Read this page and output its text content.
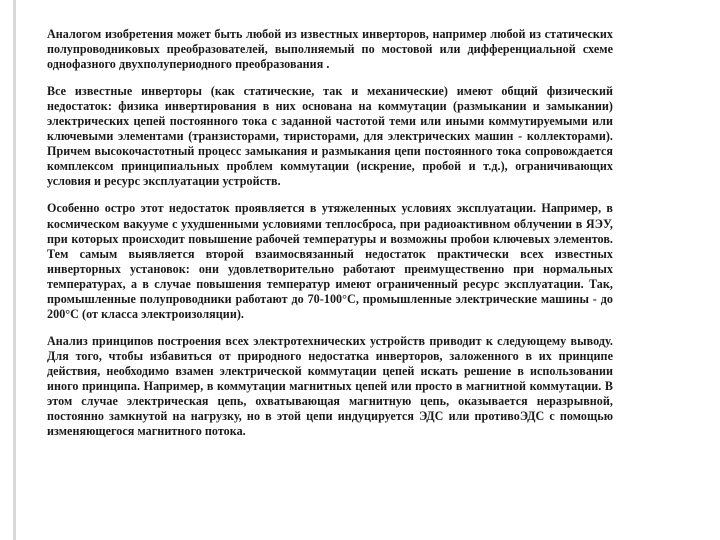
Аналогом изобретения может быть любой из известных инверторов, например любой из статических полупроводниковых преобразователей, выполняемый по мостовой или дифференциальной схеме однофазного двухполупериодного преобразования .

Все известные инверторы (как статические, так и механические) имеют общий физический недостаток: физика инвертирования в них основана на коммутации (размыкании и замыкании) электрических цепей постоянного тока с заданной частотой теми или иными коммутируемыми или ключевыми элементами (транзисторами, тиристорами, для электрических машин - коллекторами). Причем высокочастотный процесс замыкания и размыкания цепи постоянного тока сопровождается комплексом принципиальных проблем коммутации (искрение, пробой и т.д.), ограничивающих условия и ресурс эксплуатации устройств.

Особенно остро этот недостаток проявляется в утяжеленных условиях эксплуатации. Например, в космическом вакууме с ухудшенными условиями теплосброса, при радиоактивном облучении в ЯЭУ, при которых происходит повышение рабочей температуры и возможны пробои ключевых элементов. Тем самым выявляется второй взаимосвязанный недостаток практически всех известных инверторных установок: они удовлетворительно работают преимущественно при нормальных температурах, а в случае повышения температур имеют ограниченный ресурс эксплуатации. Так, промышленные полупроводники работают до 70-100°С, промышленные электрические машины - до 200°С (от класса электроизоляции).

Анализ принципов построения всех электротехнических устройств приводит к следующему выводу. Для того, чтобы избавиться от природного недостатка инверторов, заложенного в их принципе действия, необходимо взамен электрической коммутации цепей искать решение в использовании иного принципа. Например, в коммутации магнитных цепей или просто в магнитной коммутации. В этом случае электрическая цепь, охватывающая магнитную цепь, оказывается неразрывной, постоянно замкнутой на нагрузку, но в этой цепи индуцируется ЭДС или противоЭДС с помощью изменяющегося магнитного потока.
